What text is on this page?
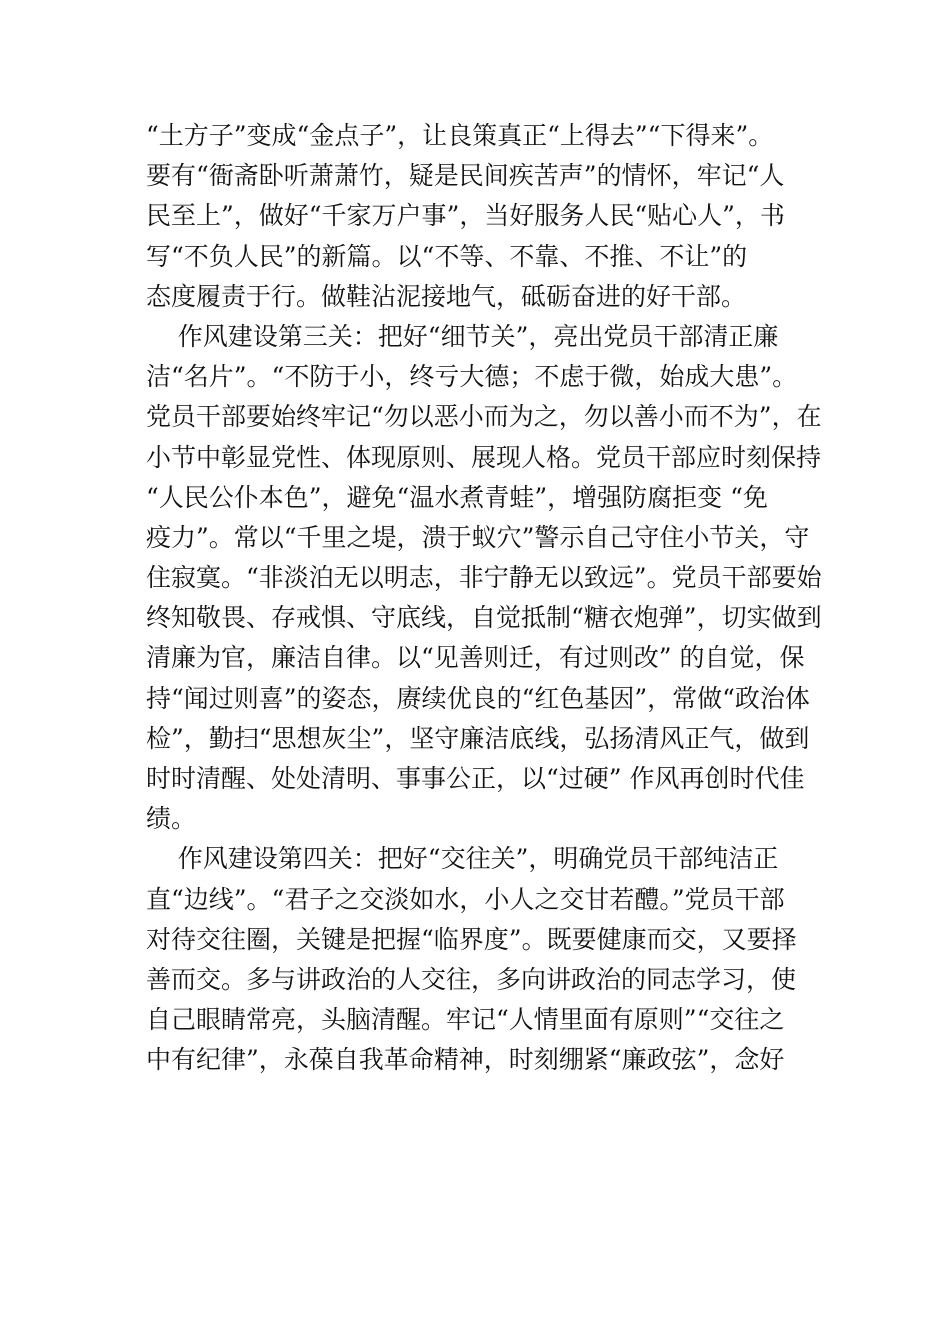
“土方子”变成“金点子”，让良策真正“上得去”“下得来”。
要有“衙斋卧听萧萧竹，疑是民间疾苦声”的情怀，牢记“人
民至上”，做好“千家万户事”，当好服务人民“贴心人”，书
写“不负人民”的新篇。以“不等、不靠、不推、不让”的
态度履责于行。做鞋沾泥接地气，砥砺奋进的好干部。
作风建设第三关：把好“细节关”，亮出党员干部清正廉
洁“名片”。“不防于小，终亏大德；不虑于微，始成大患”。
党员干部要始终牢记“勿以恶小而为之，勿以善小而不为”，在
小节中彰显党性、体现原则、展现人格。党员干部应时刻保持
“人民公仆本色”，避免“温水煮青蛙”，增强防腐拒变 “免
疫力”。常以“千里之堤，溃于蚁穴”警示自己守住小节关，守
住寂寞。“非淡泊无以明志，非宁静无以致远”。党员干部要始
终知敬畏、存戒惧、守底线，自觉抵制“糖衣炮弹”，切实做到
清廉为官，廉洁自律。以“见善则迁，有过则改” 的自觉，保
持“闻过则喜”的姿态，赓续优良的“红色基因”，常做“政治体
检”，勤扫“思想灰尘”，坚守廉洁底线，弘扬清风正气，做到
时时清醒、处处清明、事事公正，以“过硬” 作风再创时代佳
绩。
作风建设第四关：把好“交往关”，明确党员干部纯洁正
直“边线”。“君子之交淡如水，小人之交甘若醴。”党员干部
对待交往圈，关键是把握“临界度”。既要健康而交，又要择
善而交。多与讲政治的人交往，多向讲政治的同志学习，使
自己眼睛常亮，头脑清醒。牢记“人情里面有原则”“交往之
中有纪律”，永葆自我革命精神，时刻绷紧“廉政弦”，念好
